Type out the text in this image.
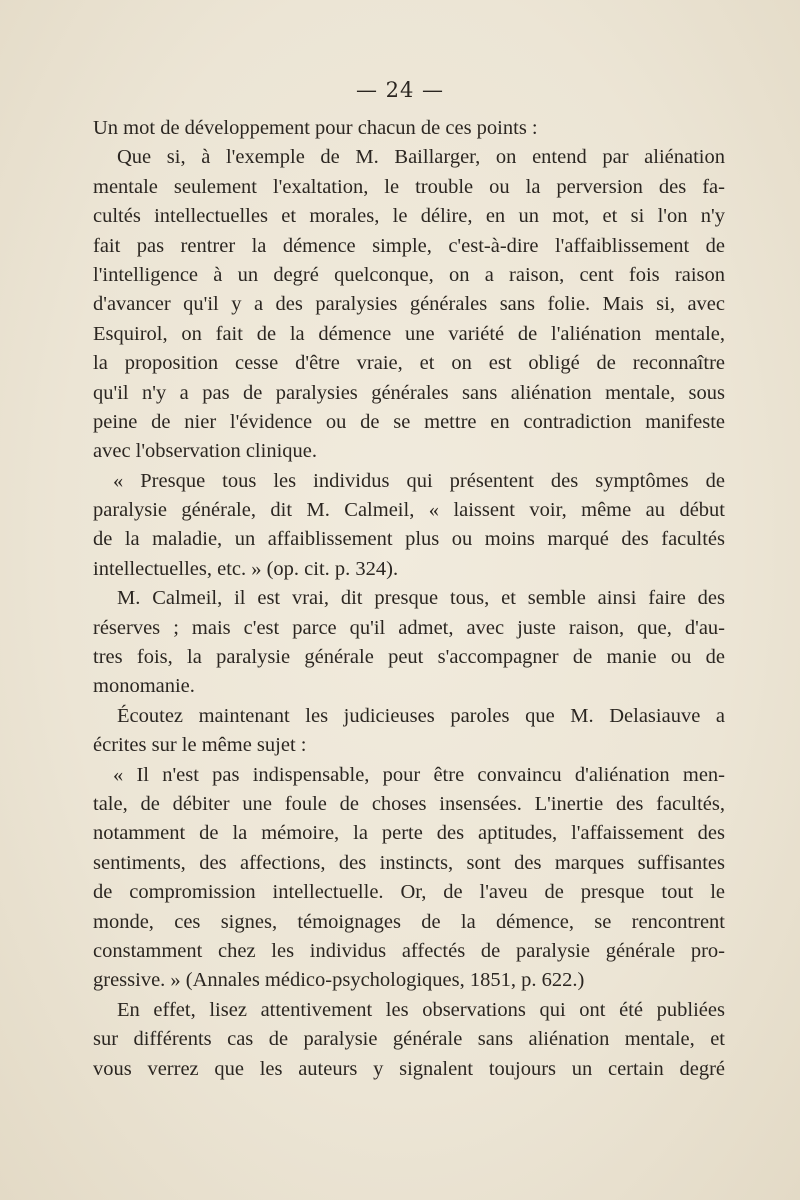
— 24 —
Un mot de développement pour chacun de ces points :
Que si, à l'exemple de M. Baillarger, on entend par aliénation
mentale seulement l'exaltation, le trouble ou la perversion des fa-
cultés intellectuelles et morales, le délire, en un mot, et si l'on n'y
fait pas rentrer la démence simple, c'est-à-dire l'affaiblissement de
l'intelligence à un degré quelconque, on a raison, cent fois raison
d'avancer qu'il y a des paralysies générales sans folie. Mais si, avec
Esquirol, on fait de la démence une variété de l'aliénation mentale,
la proposition cesse d'être vraie, et on est obligé de reconnaître
qu'il n'y a pas de paralysies générales sans aliénation mentale, sous
peine de nier l'évidence ou de se mettre en contradiction manifeste
avec l'observation clinique.
« Presque tous les individus qui présentent des symptômes de
paralysie générale, dit M. Calmeil, « laissent voir, même au début
de la maladie, un affaiblissement plus ou moins marqué des facultés
intellectuelles, etc. » (op. cit. p. 324).
M. Calmeil, il est vrai, dit presque tous, et semble ainsi faire des
réserves ; mais c'est parce qu'il admet, avec juste raison, que, d'au-
tres fois, la paralysie générale peut s'accompagner de manie ou de
monomanie.
Écoutez maintenant les judicieuses paroles que M. Delasiauve a
écrites sur le même sujet :
« Il n'est pas indispensable, pour être convaincu d'aliénation men-
tale, de débiter une foule de choses insensées. L'inertie des facultés,
notamment de la mémoire, la perte des aptitudes, l'affaissement des
sentiments, des affections, des instincts, sont des marques suffisantes
de compromission intellectuelle. Or, de l'aveu de presque tout le
monde, ces signes, témoignages de la démence, se rencontrent
constamment chez les individus affectés de paralysie générale pro-
gressive. » (Annales médico-psychologiques, 1851, p. 622.)
En effet, lisez attentivement les observations qui ont été publiées
sur différents cas de paralysie générale sans aliénation mentale, et
vous verrez que les auteurs y signalent toujours un certain degré
